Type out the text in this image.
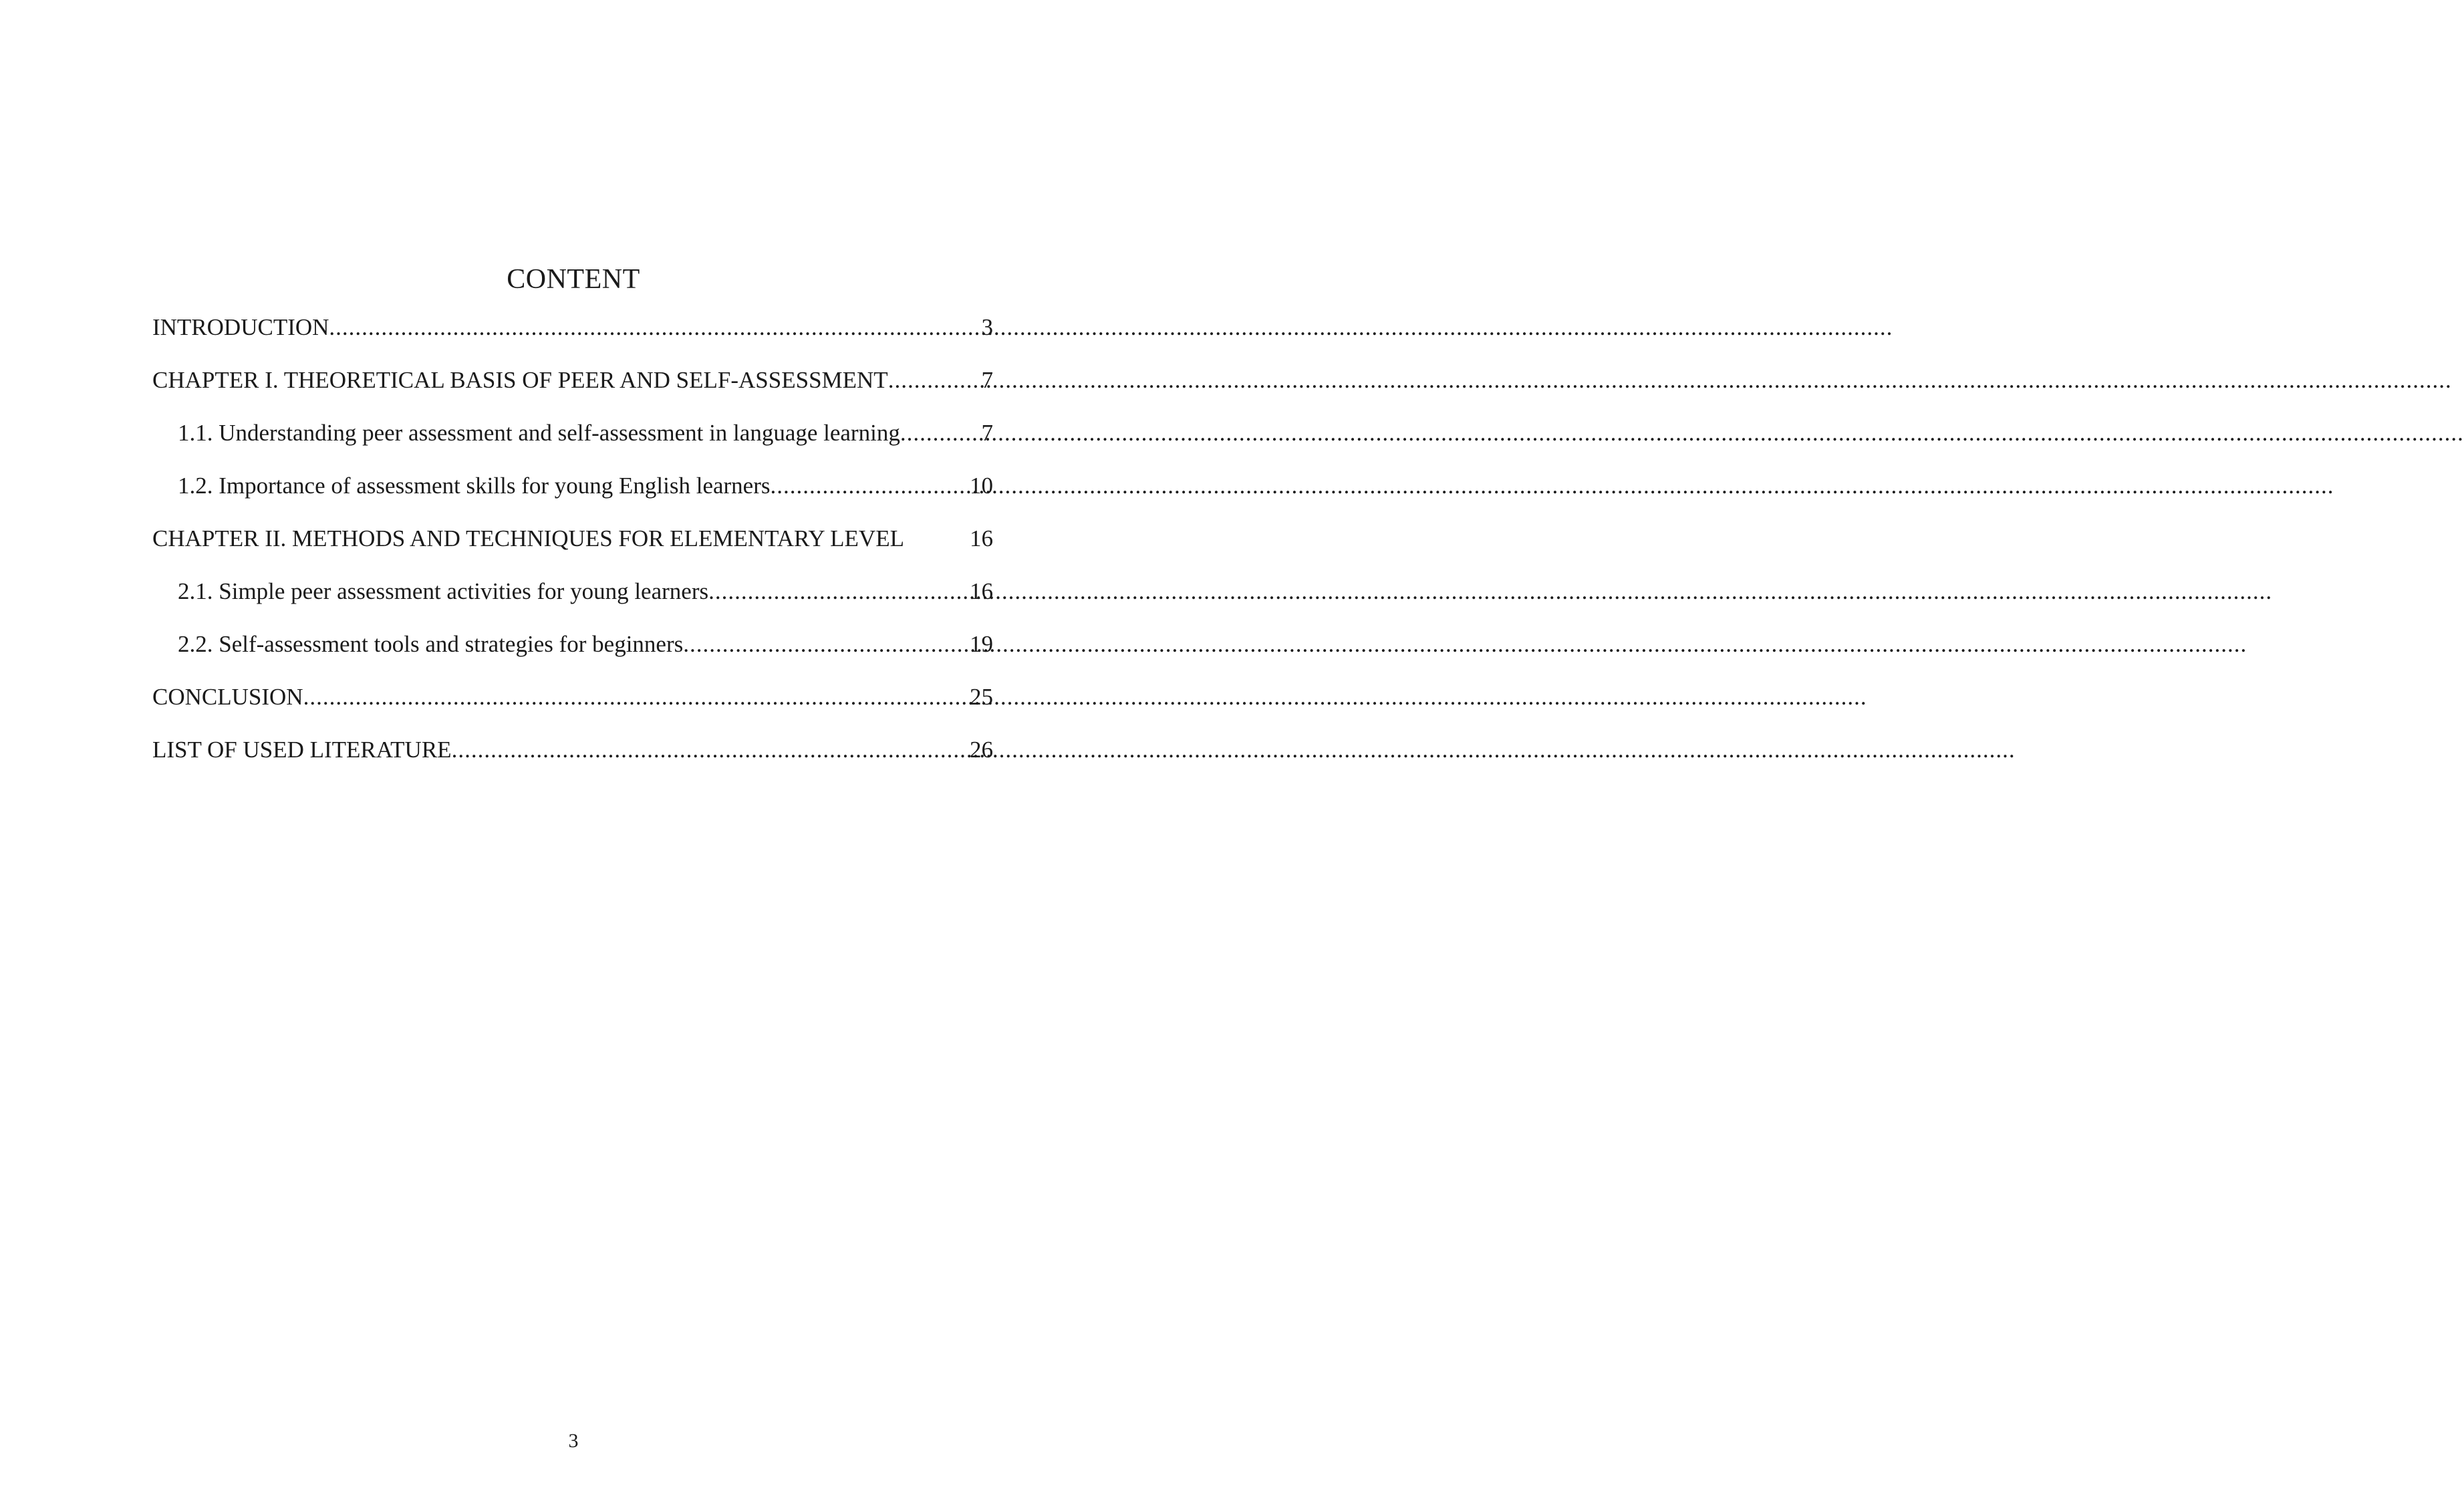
CONTENT
INTRODUCTION .....	3
CHAPTER I. THEORETICAL BASIS OF PEER AND SELF-ASSESSMENT .....	7
1.1. Understanding peer assessment and self-assessment in language learning .....	7
1.2. Importance of assessment skills for young English learners .....	10
CHAPTER II. METHODS AND TECHNIQUES FOR ELEMENTARY LEVEL	16
2.1. Simple peer assessment activities for young learners .....	16
2.2. Self-assessment tools and strategies for beginners .....	19
CONCLUSION .....	25
LIST OF USED LITERATURE .....	26
3
